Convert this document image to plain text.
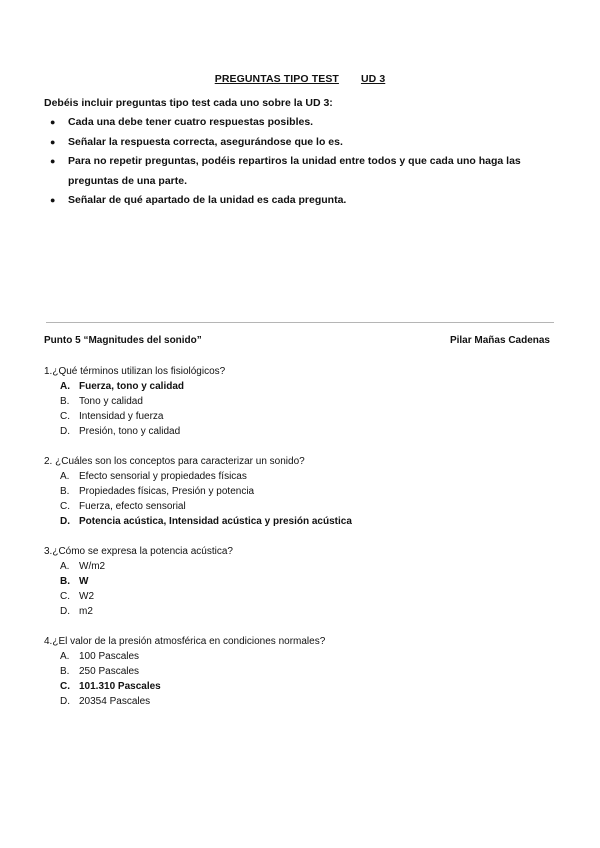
PREGUNTAS TIPO TEST UD 3

Debéis incluir preguntas tipo test cada uno sobre la UD 3:

● Cada una debe tener cuatro respuestas posibles.
● Señalar la respuesta correcta, asegurándose que lo es.
● Para no repetir preguntas, podéis repartiros la unidad entre todos y que cada uno haga las preguntas de una parte.
● Señalar de qué apartado de la unidad es cada pregunta.
Punto 5 “Magnitudes del sonido”	Pilar Mañas Cadenas
1.¿Qué términos utilizan los fisiológicos?
A. Fuerza, tono y calidad
B. Tono y calidad
C. Intensidad y fuerza
D. Presión, tono y calidad
2. ¿Cuáles son los conceptos para caracterizar un sonido?
A. Efecto sensorial y propiedades físicas
B. Propiedades físicas, Presión y potencia
C. Fuerza, efecto sensorial
D. Potencia acústica, Intensidad acústica y presión acústica
3.¿Cómo se expresa la potencia acústica?
A. W/m2
B. W
C. W2
D. m2
4.¿El valor de la presión atmosférica en condiciones normales?
A. 100 Pascales
B. 250 Pascales
C. 101.310 Pascales
D. 20354 Pascales
